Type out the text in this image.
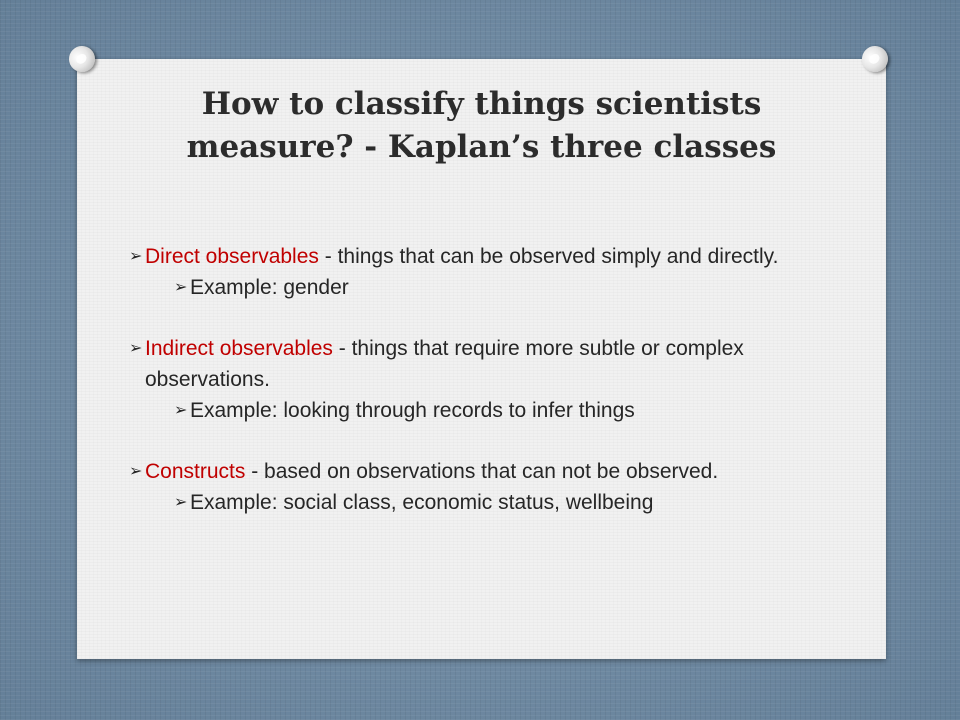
How to classify things scientists
measure? - Kaplan’s three classes

➢ Direct observables - things that can be observed simply and directly.

➢ Example: gender

➢ Indirect observables - things that require more subtle or complex observations.

➢ Example: looking through records to infer things

➢ Constructs - based on observations that can not be observed.

➢ Example: social class, economic status, wellbeing
